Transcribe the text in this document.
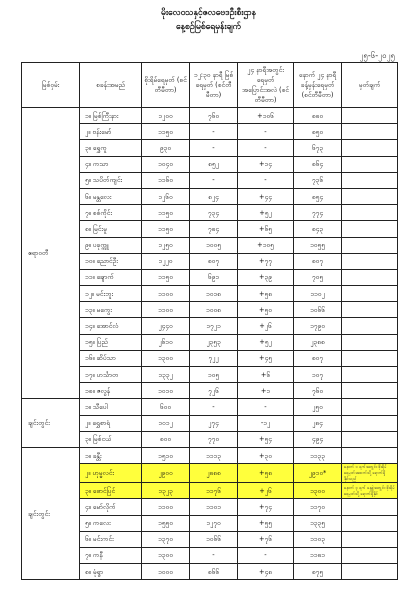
မိုးလေဝသနှင့်ဇလဗေဒဦးစီးဌာန
နေ့စဉ်မြစ်ရေမှန်းချက်
၂၅-၆-၂၀၂၅
မြစ်ဝှမ်း	စခန်းအမည်	စိုးရိမ်ရေမှတ် (စင်တီမီတာ)	၁၂:၃၀ နာရီ မြစ်ရေမှတ် (စင်တီမီတာ)	၂၄ နာရီအတွင်း ရေမှတ်အပြောင်းအလဲ (စင်တီမီတာ)	နောက် ၂၄ နာရီ ခန့်မှန်းရေမှတ် (စင်တီမီတာ)	မှတ်ချက်
ဧရာဝတီ	၁။ မြစ်ကြီးနား	၁၂၀၀	၇၆၀	+၁၀၆	၈၈၀	
	၂။ ဗန်းမော်	၁၁၅၀	-	-	၈၅၀	
	၃။ ရွှေကူ	၉၃၀	-	-	၆၇၃	
	၄။ ကသာ	၁၀၄၀	၈၅၂	+၁၄	၈၆၄	
	၅။ သပိတ်ကျင်း	၁၁၆၀	-	-	၇၃၆	
	၆။ မန္တလေး	၁၂၆၀	၈၂၄	+၄၄	၈၅၄	
	၇။ စစ်ကိုင်း	၁၁၅၀	၇၃၄	+၅၂	၇၇၄	
	၈။ မြင်းမူ	၁၁၅၀	၇၈၄	+၆၅	၈၄၃	
	၉။ ပခုက္ကူ	၁၂၅၀	၁၀၀၅	+၁၀၅	၁၀၅၅	
	၁၀။ ညောင်ဦး	၁၂၂၀	၈၀၇	+၇၇	၈၀၇	
	၁၁။ ချောက်	၁၁၅၀	၆၉၁	+၃၉	၇၀၅	
	၁၂။ မင်းဘူး	၁၁၀၀	၁၀၁၈	+၅၈	၁၁၀၂	
	၁၃။ မကွေး	၁၁၀၀	၁၀၀၈	+၅၀	၁၀၆၆	
	၁၄။ အောင်လံ	၂၄၄၀	၁၇၂၁	+၂၆	၁၇၉၀	
	၁၅။ ပြည်	၂၆၁၀	၂၃၅၃	+၅၂	၂၃၈၈	
	၁၆။ ဆိပ်သာ	၁၃၀၀	၇၂၂	+၄၅	၈၀၇	
	၁၇။ ဟင်္သာတ	၁၃၃၂	၁၀၅	+၆	၁၀၇	
	၁၈။ ဇလွန်	၁၀၁၀	၇၂၆	+၁	၇၆၀	
ချင်းတွင်း	၁။ သီပေါ	၆၀၀	-	-	၂၅၀	
	၂။ ရွှေစာရံ	၁၀၁၂	၂၇၄	-၁၂	၂၈၄	
	၃။ မြစ်ငယ်	၈၀၀	၇၇၀	+၅၄	၄၉၄	
ချင်းတွင်း	၁။ ခန္တီး	၁၅၁၀	၁၁၁၃	+၃၀	၁၁၃၃	
	၂။ ဟုမ္မလင်း	၂၉၀၀	၂၈၈၈	+၅၈	၂၉၁၀*	နောက် ၁ ရက်အတွင်း စိုးရိမ်ရေမှတ်အထက်သို့ ရောက်ရှိနိုင်သည်
	၃။ ဖောင်ပြင်	၁၃၂၃	၁၁၇၆	+၂၆	၁၃၀၀	နောက် ၃ ရက် နေ့စွဲအတွင်း စိုးရိမ်ရေမှတ်သို့ ရောက်ရှိနိုင်
	၄။ မော်လိုက်	၁၁၀၀	၁၁၀၁	+၇၄	၁၁၇၀	
	၅။ ကလေး	၁၅၅၀	၁၂၇၀	+၅၅	၁၃၃၅	
	၆။ မင်းကင်း	၁၃၇၀	၁၀၆၆	+၇၆	၁၁၀၃	
	၇။ ကနီ	၁၃၀၀	-	-	၁၁၈၁	
	၈။ မုံရွာ	၁၀၀၀	၈၆၆	+၄၈	၈၇၅	
